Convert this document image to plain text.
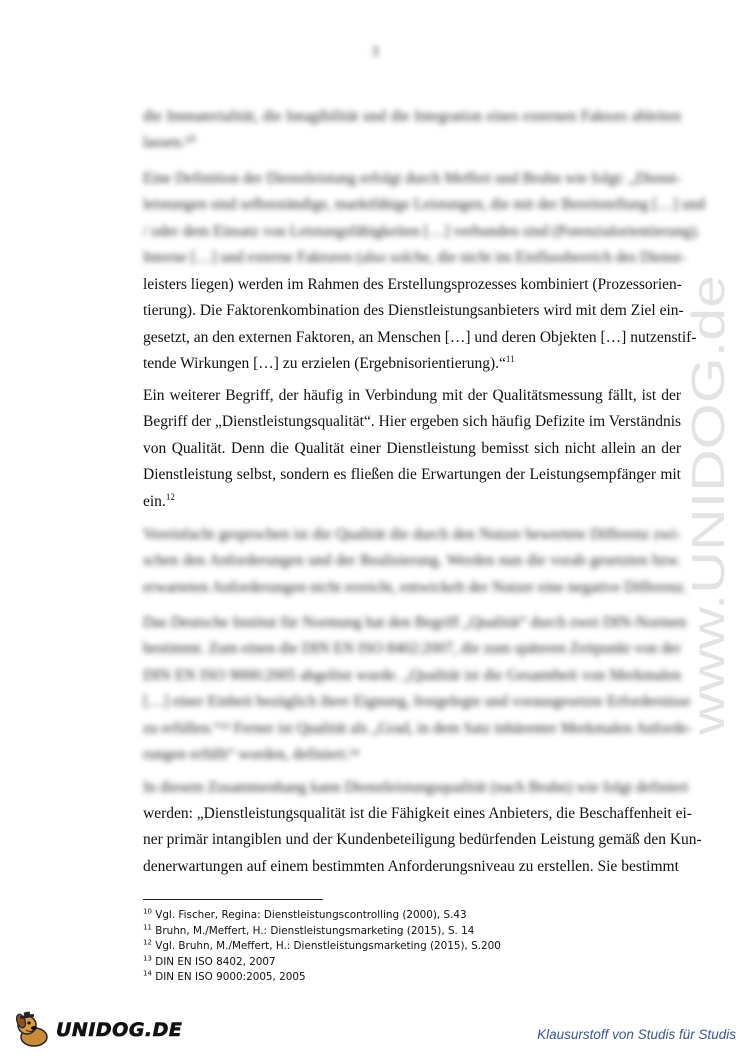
3
die Immaterialität, die Intagibilität und die Integration eines externen Faktors ableiten
lassen.¹⁰
Eine Definition der Dienstleistung erfolgt durch Meffert und Bruhn wie folgt: „Dienst-
leistungen sind selbstständige, marktfähige Leistungen, die mit der Bereitstellung […] und
/ oder dem Einsatz von Leistungsfähigkeiten […] verbunden sind (Potenzialorientierung).
Interne […] und externe Faktoren (also solche, die nicht im Einflussbereich des Dienst-
leisters liegen) werden im Rahmen des Erstellungsprozesses kombiniert (Prozessorien-
tierung). Die Faktorenkombination des Dienstleistungsanbieters wird mit dem Ziel ein-
gesetzt, an den externen Faktoren, an Menschen […] und deren Objekten […] nutzenstif-
tende Wirkungen […] zu erzielen (Ergebnisorientierung).“$^{11}$
Ein weiterer Begriff, der häufig in Verbindung mit der Qualitätsmessung fällt, ist der
Begriff der „Dienstleistungsqualität“. Hier ergeben sich häufig Defizite im Verständnis
von Qualität. Denn die Qualität einer Dienstleistung bemisst sich nicht allein an der
Dienstleistung selbst, sondern es fließen die Erwartungen der Leistungsempfänger mit
ein.$^{12}$
Vereinfacht gesprochen ist die Qualität die durch den Nutzer bewertete Differenz zwi-
schen den Anforderungen und der Realisierung. Werden nun die vorab gesetzten bzw.
erwarteten Anforderungen nicht erreicht, entwickelt der Nutzer eine negative Differenz.
Das Deutsche Institut für Normung hat den Begriff „Qualität“ durch zwei DIN-Normen
bestimmt. Zum einen die DIN EN ISO 8402:2007, die zum späteren Zeitpunkt von der
DIN EN ISO 9000:2005 abgelöst wurde. „Qualität ist die Gesamtheit von Merkmalen
[…] einer Einheit bezüglich ihrer Eignung, festgelegte und vorausgesetzte Erfordernisse
zu erfüllen.“¹³ Ferner ist Qualität als „Grad, in dem Satz inhärenter Merkmalen Anforde-
rungen erfüllt“ worden, definiert.¹⁴
In diesem Zusammenhang kann Dienstleistungsqualität (nach Bruhn) wie folgt definiert
werden: „Dienstleistungsqualität ist die Fähigkeit eines Anbieters, die Beschaffenheit ei-
ner primär intangiblen und der Kundenbeteiligung bedürfenden Leistung gemäß den Kun-
denerwartungen auf einem bestimmten Anforderungsniveau zu erstellen. Sie bestimmt
$^{10}$ Vgl. Fischer, Regina: Dienstleistungscontrolling (2000), S.43
$^{11}$ Bruhn, M./Meffert, H.: Dienstleistungsmarketing (2015), S. 14
$^{12}$ Vgl. Bruhn, M./Meffert, H.: Dienstleistungsmarketing (2015), S.200
$^{13}$ DIN EN ISO 8402, 2007
$^{14}$ DIN EN ISO 9000:2005, 2005
www.UNIDOG.de
UNIDOG.DE	Klausurstoff von Studis für Studis
